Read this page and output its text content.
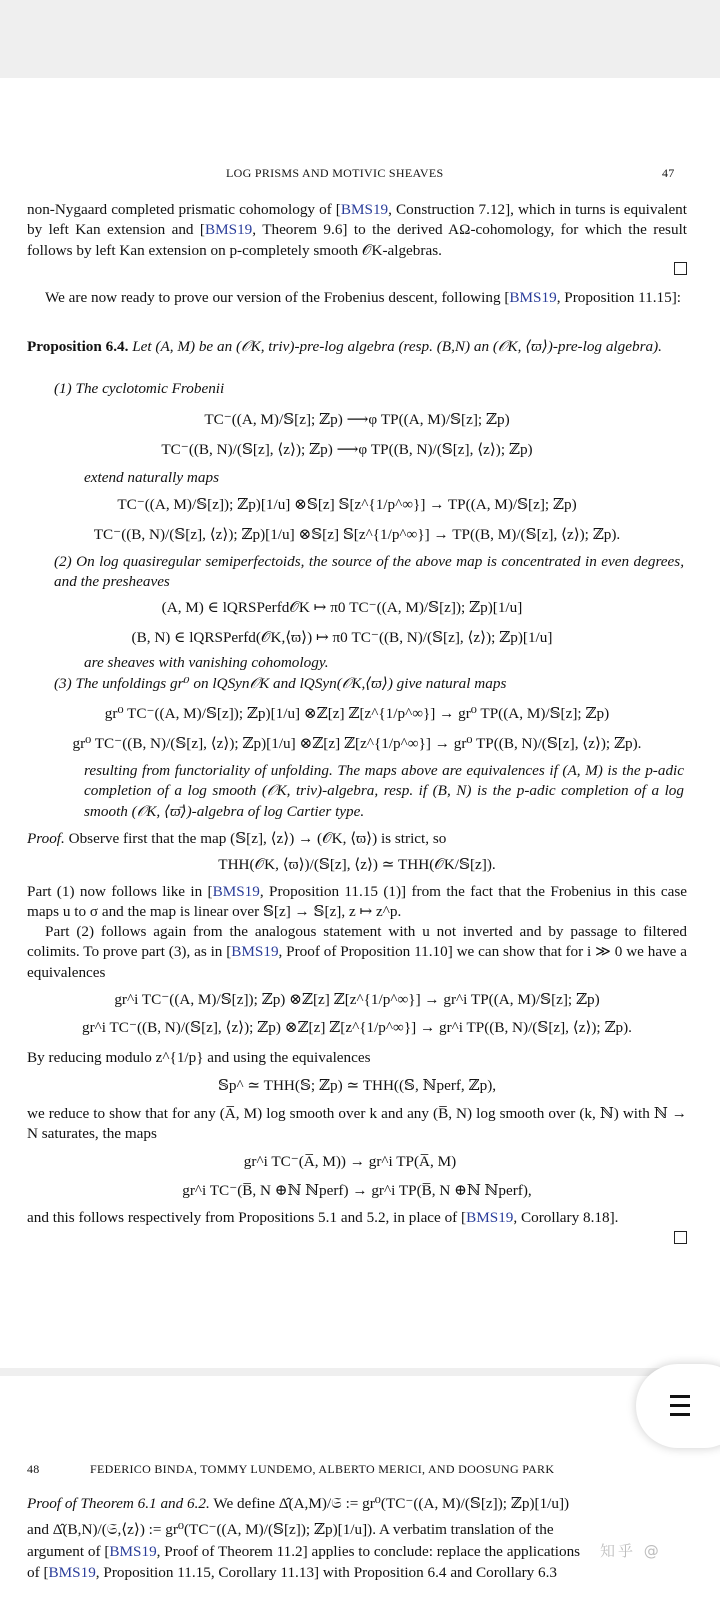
LOG PRISMS AND MOTIVIC SHEAVES	47
non-Nygaard completed prismatic cohomology of [BMS19, Construction 7.12], which in turns is equivalent by left Kan extension and [BMS19, Theorem 9.6] to the derived AΩ-cohomology, for which the result follows by left Kan extension on p-completely smooth 𝒪K-algebras.
We are now ready to prove our version of the Frobenius descent, following [BMS19, Proposition 11.15]:
Proposition 6.4. Let (A, M) be an (𝒪K, triv)-pre-log algebra (resp. (B,N) an (𝒪K, ⟨ϖ⟩)-pre-log algebra).
(1) The cyclotomic Frobenii
TC⁻((A, M)/𝕊[z]; ℤp) ⟶φ TP((A, M)/𝕊[z]; ℤp)
TC⁻((B, N)/(𝕊[z], ⟨z⟩); ℤp) ⟶φ TP((B, N)/(𝕊[z], ⟨z⟩); ℤp)
extend naturally maps
TC⁻((A, M)/𝕊[z]); ℤp)[1/u] ⊗𝕊[z] 𝕊[z^{1/p^∞}] → TP((A, M)/𝕊[z]; ℤp)
TC⁻((B, N)/(𝕊[z], ⟨z⟩); ℤp)[1/u] ⊗𝕊[z] 𝕊[z^{1/p^∞}] → TP((B, M)/(𝕊[z], ⟨z⟩); ℤp).
(2) On log quasiregular semiperfectoids, the source of the above map is concentrated in even degrees, and the presheaves
(A, M) ∈ lQRSPerfd𝒪K ↦ π0 TC⁻((A, M)/𝕊[z]); ℤp)[1/u]
(B, N) ∈ lQRSPerfd(𝒪K,⟨ϖ⟩) ↦ π0 TC⁻((B, N)/(𝕊[z], ⟨z⟩); ℤp)[1/u]
are sheaves with vanishing cohomology.
(3) The unfoldings gr⁰ on lQSyn𝒪K and lQSyn(𝒪K,⟨ϖ⟩) give natural maps
gr⁰ TC⁻((A, M)/𝕊[z]); ℤp)[1/u] ⊗ℤ[z] ℤ[z^{1/p^∞}] → gr⁰ TP((A, M)/𝕊[z]; ℤp)
gr⁰ TC⁻((B, N)/(𝕊[z], ⟨z⟩); ℤp)[1/u] ⊗ℤ[z] ℤ[z^{1/p^∞}] → gr⁰ TP((B, N)/(𝕊[z], ⟨z⟩); ℤp).
resulting from functoriality of unfolding. The maps above are equivalences if (A, M) is the p-adic completion of a log smooth (𝒪K, triv)-algebra, resp. if (B, N) is the p-adic completion of a log smooth (𝒪K, ⟨ϖ̄⟩)-algebra of log Cartier type.
Proof. Observe first that the map (𝕊[z], ⟨z⟩) → (𝒪K, ⟨ϖ⟩) is strict, so
THH(𝒪K, ⟨ϖ⟩)/(𝕊[z], ⟨z⟩) ≃ THH(𝒪K/𝕊[z]).
Part (1) now follows like in [BMS19, Proposition 11.15 (1)] from the fact that the Frobenius in this case maps u to σ and the map is linear over 𝕊[z] → 𝕊[z], z ↦ z^p.
Part (2) follows again from the analogous statement with u not inverted and by passage to filtered colimits. To prove part (3), as in [BMS19, Proof of Proposition 11.10] we can show that for i ≫ 0 we have a equivalences
gr^i TC⁻((A, M)/𝕊[z]); ℤp) ⊗ℤ[z] ℤ[z^{1/p^∞}] → gr^i TP((A, M)/𝕊[z]; ℤp)
gr^i TC⁻((B, N)/(𝕊[z], ⟨z⟩); ℤp) ⊗ℤ[z] ℤ[z^{1/p^∞}] → gr^i TP((B, N)/(𝕊[z], ⟨z⟩); ℤp).
By reducing modulo z^{1/p} and using the equivalences
𝕊p^ ≃ THH(𝕊; ℤp) ≃ THH((𝕊, ℕperf, ℤp),
we reduce to show that for any (A̅, M) log smooth over k and any (B̅, N) log smooth over (k, ℕ) with ℕ → N saturates, the maps
gr^i TC⁻(A̅, M)) → gr^i TP(A̅, M)
gr^i TC⁻(B̅, N ⊕ℕ ℕperf) → gr^i TP(B̅, N ⊕ℕ ℕperf),
and this follows respectively from Propositions 5.1 and 5.2, in place of [BMS19, Corollary 8.18].
48	FEDERICO BINDA, TOMMY LUNDEMO, ALBERTO MERICI, AND DOOSUNG PARK
Proof of Theorem 6.1 and 6.2. We define Δ̂(A,M)/𝔖 := gr⁰(TC⁻((A, M)/(𝕊[z]); ℤp)[1/u])
and Δ̂(B,N)/(𝔖,⟨z⟩) := gr⁰(TC⁻((A, M)/(𝕊[z]); ℤp)[1/u]). A verbatim translation of the
argument of [BMS19, Proof of Theorem 11.2] applies to conclude: replace the applications
of [BMS19, Proposition 11.15, Corollary 11.13] with Proposition 6.4 and Corollary 6.3
知乎 @
